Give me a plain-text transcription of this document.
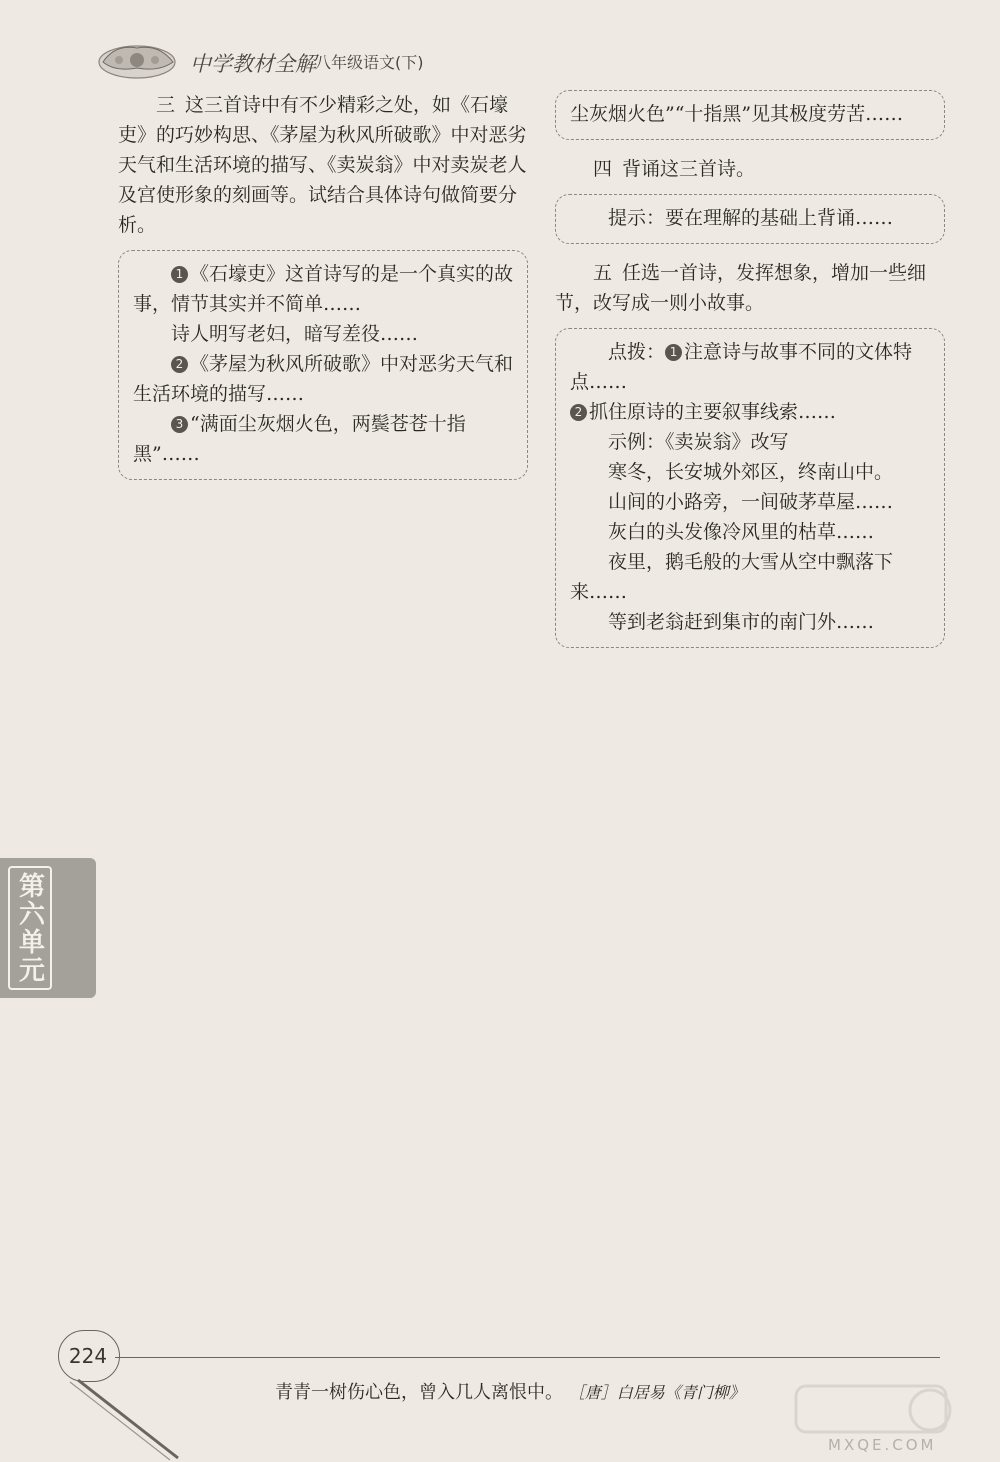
中学教材全解 八年级语文(下)

三 这三首诗中有不少精彩之处，如《石壕吏》的巧妙构思、《茅屋为秋风所破歌》中对恶劣天气和生活环境的描写、《卖炭翁》中对卖炭老人及宫使形象的刻画等。试结合具体诗句做简要分析。

1 《石壕吏》这首诗写的是一个真实的故事，情节其实并不简单……

诗人明写老妇，暗写差役……

2 《茅屋为秋风所破歌》中对恶劣天气和生活环境的描写……

3 “满面尘灰烟火色，两鬓苍苍十指黑”……

尘灰烟火色”“十指黑”见其极度劳苦……

四 背诵这三首诗。

提示：要在理解的基础上背诵……

五 任选一首诗，发挥想象，增加一些细节，改写成一则小故事。

点拨： 1 注意诗与故事不同的文体特点……

2 抓住原诗的主要叙事线索……

示例：《卖炭翁》改写

寒冬，长安城外郊区，终南山中。

山间的小路旁，一间破茅草屋……

灰白的头发像冷风里的枯草……

夜里，鹅毛般的大雪从空中飘落下来……

等到老翁赶到集市的南门外……

第六单元
224
青青一树伤心色，曾入几人离恨中。 ［唐］白居易《青门柳》
MXQE.COM
